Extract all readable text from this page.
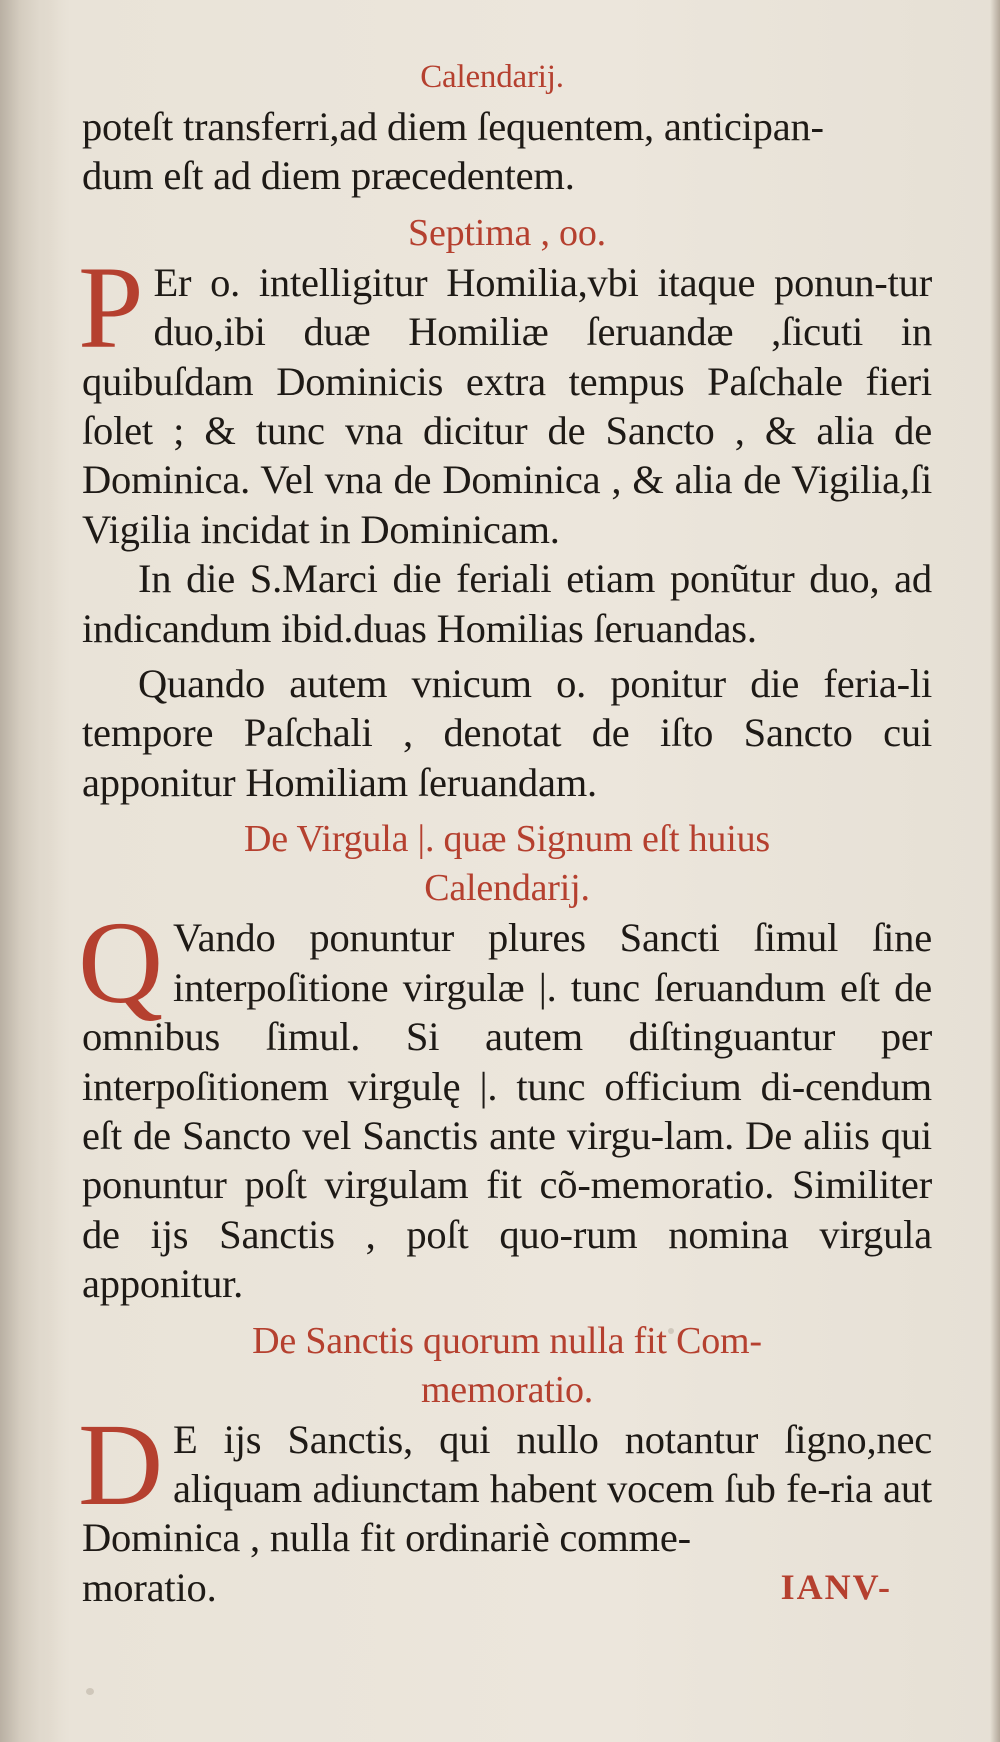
Calendarij.
poteſt transferri,ad diem ſequentem, anticipan-
dum eſt ad diem præcedentem.
Septima , oo.

P Er o. intelligitur Homilia,vbi itaque ponun-tur duo,ibi duæ Homiliæ ſeruandæ ,ſicuti in quibuſdam Dominicis extra tempus Paſchale fieri ſolet ; & tunc vna dicitur de Sancto , & alia de Dominica. Vel vna de Dominica , & alia de Vigilia,ſi Vigilia incidat in Dominicam.

In die S.Marci die feriali etiam ponũtur duo, ad indicandum ibid.duas Homilias ſeruandas.

Quando autem vnicum o. ponitur die feria-li tempore Paſchali , denotat de iſto Sancto cui apponitur Homiliam ſeruandam.

De Virgula |. quæ Signum eſt huius
Calendarij.

Q Vando ponuntur plures Sancti ſimul ſine interpoſitione virgulæ |. tunc ſeruandum eſt de omnibus ſimul. Si autem diſtinguantur per interpoſitionem virgulę |. tunc officium di-cendum eſt de Sancto vel Sanctis ante virgu-lam. De aliis qui ponuntur poſt virgulam fit cõ-memoratio. Similiter de ijs Sanctis , poſt quo-rum nomina virgula apponitur.

De Sanctis quorum nulla fit Com-
memoratio.

D E ijs Sanctis, qui nullo notantur ſigno,nec aliquam adiunctam habent vocem ſub fe-ria aut Dominica , nulla fit ordinariè comme-

moratio.	IANV-
